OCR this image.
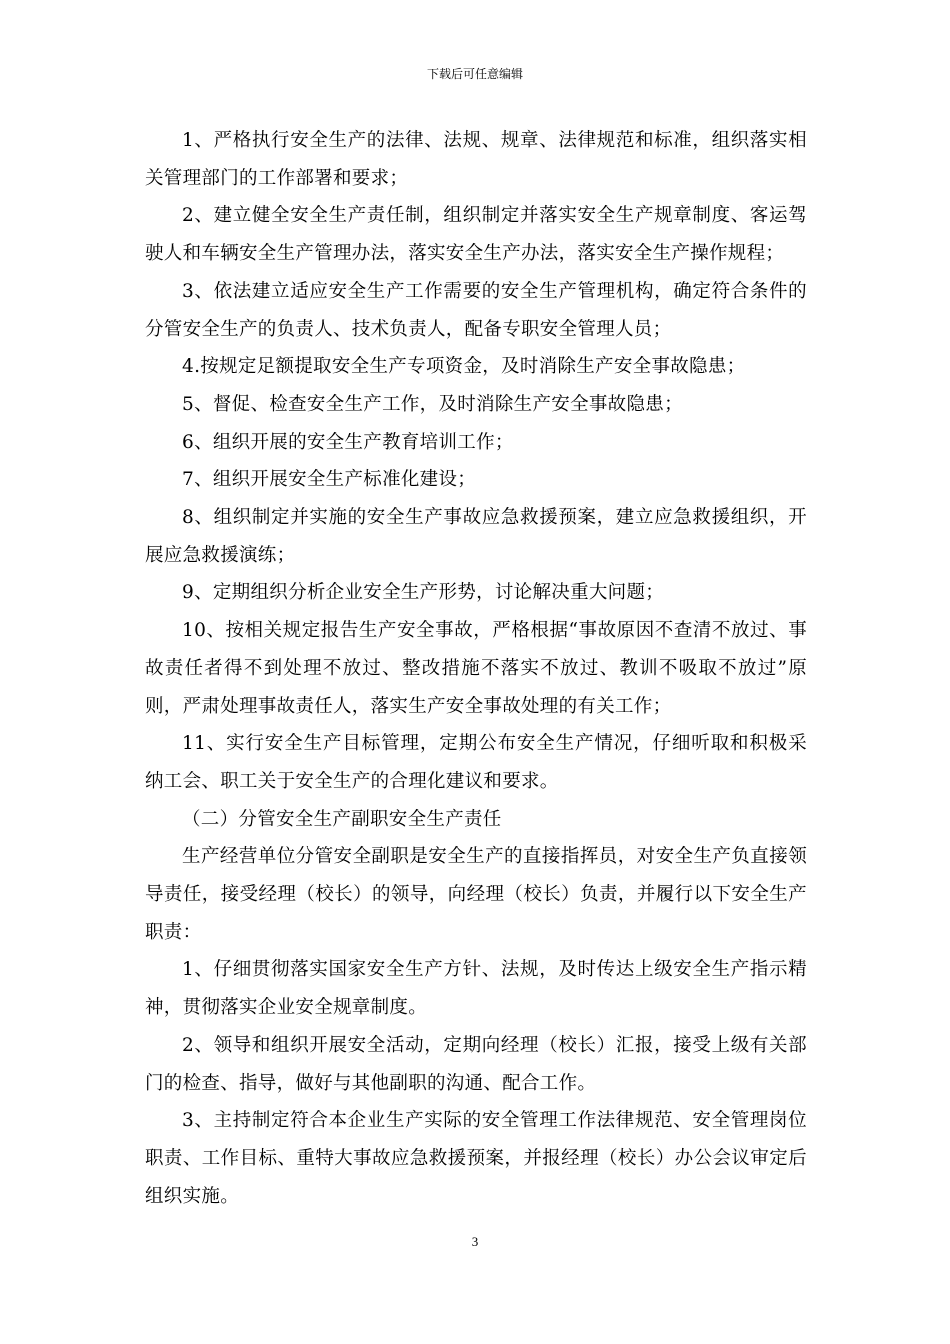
下载后可任意编辑

1、严格执行安全生产的法律、法规、规章、法律规范和标准，组织落实相关管理部门的工作部署和要求；

2、建立健全安全生产责任制，组织制定并落实安全生产规章制度、客运驾驶人和车辆安全生产管理办法，落实安全生产办法，落实安全生产操作规程；

3、依法建立适应安全生产工作需要的安全生产管理机构，确定符合条件的分管安全生产的负责人、技术负责人，配备专职安全管理人员；

4.按规定足额提取安全生产专项资金，及时消除生产安全事故隐患；

5、督促、检查安全生产工作，及时消除生产安全事故隐患；

6、组织开展的安全生产教育培训工作；

7、组织开展安全生产标准化建设；

8、组织制定并实施的安全生产事故应急救援预案，建立应急救援组织，开展应急救援演练；

9、定期组织分析企业安全生产形势，讨论解决重大问题；

10、按相关规定报告生产安全事故，严格根据“事故原因不查清不放过、事故责任者得不到处理不放过、整改措施不落实不放过、教训不吸取不放过”原则，严肃处理事故责任人，落实生产安全事故处理的有关工作；

11、实行安全生产目标管理，定期公布安全生产情况，仔细听取和积极采纳工会、职工关于安全生产的合理化建议和要求。

（二）分管安全生产副职安全生产责任

生产经营单位分管安全副职是安全生产的直接指挥员，对安全生产负直接领导责任，接受经理（校长）的领导，向经理（校长）负责，并履行以下安全生产职责：

1、仔细贯彻落实国家安全生产方针、法规，及时传达上级安全生产指示精神，贯彻落实企业安全规章制度。

2、领导和组织开展安全活动，定期向经理（校长）汇报，接受上级有关部门的检查、指导，做好与其他副职的沟通、配合工作。

3、主持制定符合本企业生产实际的安全管理工作法律规范、安全管理岗位职责、工作目标、重特大事故应急救援预案，并报经理（校长）办公会议审定后组织实施。

3
